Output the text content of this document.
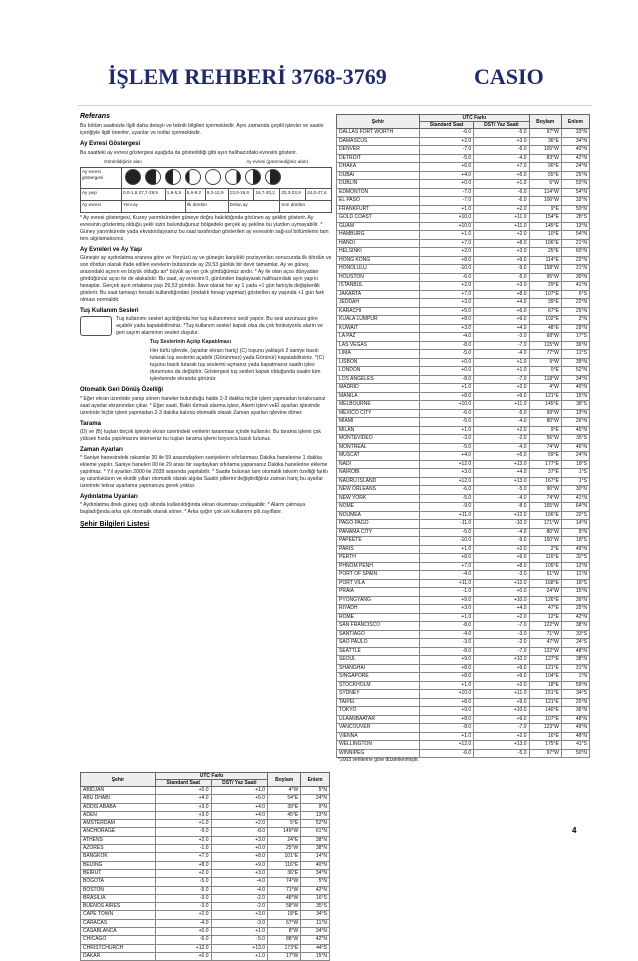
İŞLEM REHBERİ 3768-3769	CASIO
Referans

Bu bölüm saatinizle ilgili daha detaylı ve teknik bilgileri içermektedir. Aynı zamanda çeşitli işlevler ve saatin içeriğiyle ilgili öneriler, uyarılar ve notlar içermektedir.

Ay Evresi Göstergesi

Bu saatteki ay evresi göstergesi aşağıda da gösterildiği gibi ayın halihazırdaki evresini gösterir.

Görebildiğiniz alan	Ay evresi (göremediğiniz alan)
Ay evresi göstergesi								
Ay yaşı	0,0-1,8 27,7-29,5	1,9-5,5	5,6-9,2	9,3-12,9	13,0-16,6	16,7-20,2	20,3-23,9	24,0-27,6
Ay evresi	Yeni ay		İlk dördün		Dolun ay		Son dördün	

* Ay evresi göstergesi, Kuzey yarımküreden güneye doğru bakıldığında görünen ay şeklini gösterir. Ay evresinin gösterimş olduğu şekli sizin bulunduğunuz bölgedeki gerçek ay şekline bu yüzden uymayabilir. * Güney yarımkürede yada ekvatordaysanız bu saat tarafından gösterilen ay evresinin sağ-sol bölümlerini tam ters algılamalısınız.

Ay Evreleri ve Ay Yaşı

Güneşin ay aydınlatma oranına göre ve Yeryüzü ay ve güneşin karşılıklı pozisyonları sonucunda ilk dördün ve son dördün olarak ifade edilen evrelerin bütününde ay 29,53 günlük bir devir tamamlar. Ay ve güneş arasındaki açının en büyük olduğu an* büyük ayı en çok gördüğümüz andır. * Ay ile olan açısı dünyadan gördüğünüz açısı ile de alakalıdır. Bu saat, ay evresini 0, gününden başlayarak halihazırdaki ayın yaşını hesaplar. Gerçek ayın ortalama yaşı 29,53 gündür. İlave olarak her ay 1 yada +1 gün farkıyla değişkenlik gösterir. Bu saat tamsayı hesabı kullandığından (ondalık hesap yapmaz) gösterilen ay yaşında +1 gün fark olması normaldir.

Tuş Kullanım Sesleri

Tuş kullanımı sesleri açıldığında her tuş kullanımınız sesli yapılır. Bu sesi arzunuza göre açabilir yada kapatabilirsiniz. *Tuş kullanım sesleri kapalı olsa da çok fonksiyonlu alarm ve geri sayım alarmının sesleri duyulur.

Tuş Seslerinin Açılıp Kapatılması

Her türlü işlevde, (ayarlar ekranı hariç) (C) tuşunu yaklaşık 2 saniye basılı tutarak tuş seslerini açabilir (Görünmez) yada Görünür) kapatabilirsiniz. *(C) tuşunu basılı tutarak tuş seslerini açmanız yada kapatmanız saatin işlev durumunu da değiştirir. Göstergesi tuş sesleri kapalı olduğunda saatin tüm işlevlerinde ekranda görünür.

Otomatik Geri Dönüş Özelliği

* Eğer ekran üzerinde yanıp sönen haneler bulunduğu halde 2-3 dakika hiçbir işlem yapmadan bırakırsanız saat ayarlar ekranından çıkar. * Eğer saati, Baklı türmalı alarma işlevi, Alarm işlevi veEİ ayarları işlevinde üzerinde hiçbir işlem yapmadan 2-3 dakika kalırsa otomatik olarak Zaman ayarları işlevine döner.

Tarama

(D) ve (B) tuşları birçok işlevde ekran üzerindeki verilerin taranması içinde kullanılır. Bu tarama işlemi çok yüksek hızda yapılmasını isterseniz bu tuşları tarama işlemi boyunca basılı tutunuz.

Zaman Ayarları

* Saniye hanesindeki rakamlar 30 ile 59 arasındayken saniyelerin sıfırlanması Dakika hanelerine 1 dakika ekleme yapılır. Saniye haneleri 00 ile 29 arası bir saydaykan sıfırlama yaparsanız Dakika hanelerine ekleme yapılmaz. * Yıl ayarları 2000 ile 2039 arasında yapılabilir. * Saatte bulunan tam otomatik takvim özelliği farklı ay uzunlukların ve ekstik yılları otomatik olarak algılar.Saatin pillerini değiştirdiğiniz zaman hariç bu ayarlar üzerinde tekrar ayarlama yapmanıza gerek yoktur.

Aydınlatma Uyarıları

* Aydınlatma direk güneş ışığı altında kullanıldığında ekran okunması zorlaşabilir. * Alarm çalmaya başladığında arka ışık otomatik olarak söner. * Arka ışığın çok sık kullanımı pili zayıflatır.

Şehir Bilgileri Listesi
Şehir	UTC Farkı		Boylam	Enlem
	Standard Saat	DST/ Yaz Saati		
ABIDJAN	+0.0	+1.0	4°W	5°N
ABU DHABI	+4.0	+5.0	54°E	24°N
ADDIS ABABA	+3.0	+4.0	39°E	9°N
ADEN	+3.0	+4.0	45°E	13°N
AMSTERDAM	+1.0	+2.0	5°E	52°N
ANCHORAGE	-9.0	-8.0	149°W	61°N
ATHENS	+2.0	+3.0	24°E	38°N
AZORES	-1.0	+0.0	25°W	38°N
BANGKOK	+7.0	+8.0	101°E	14°N
BEIJING	+8.0	+9.0	116°E	40°N
BEIRUT	+2.0	+3.0	36°E	34°N
BOGOTA	-5.0	-4.0	74°W	5°N
BOSTON	-5.0	-4.0	71°W	42°N
BRASILIA	-3.0	-2.0	48°W	16°S
BUENOS AIRES	-3.0	-2.0	58°W	35°S
CAPE TOWN	+2.0	+3.0	18°E	34°S
CARACAS	-4.0	-3.0	67°W	11°N
CASABLANCA	+0.0	+1.0	8°W	34°N
CHICAGO	-6.0	-5.0	88°W	42°N
CHRISTCHURCH	+12.0	+13.0	173°E	44°S
DAKAR	+0.0	+1.0	17°W	15°N
Şehir	UTC Farkı		Boylam	Enlem
	Standard Saat	DST/ Yaz Saati		
DALLAS FORT WORTH	-6.0	-5.0	97°W	33°N
DAMASCUS	+2.0	+3.0	36°E	34°N
DENVER	-7.0	-6.0	105°W	40°N
DETROIT	-5.0	-4.0	83°W	42°N
DHAKA	+6.0	+7.0	90°E	24°N
DUBAI	+4.0	+5.0	55°E	25°N
DUBLIN	+0.0	+1.0	6°W	53°N
EDMONTON	-7.0	-6.0	114°W	54°N
EL PASO	-7.0	-6.0	106°W	32°N
FRANKFURT	+1.0	+2.0	9°E	50°N
GOLD COAST	+10.0	+11.0	154°E	28°S
GUAM	+10.0	+11.0	145°E	13°N
HAMBURG	+1.0	+2.0	10°E	54°N
HANOI	+7.0	+8.0	106°E	21°N
HELSINKI	+2.0	+3.0	25°E	60°N
HONG KONG	+8.0	+9.0	114°E	22°N
HONOLULU	-10.0	-9.0	158°W	21°N
HOUSTON	-6.0	-5.0	95°W	30°N
ISTANBUL	+2.0	+3.0	29°E	41°N
JAKARTA	+7.0	+8.0	107°E	6°S
JEDDAH	+3.0	+4.0	39°E	22°N
KARACHI	+5.0	+6.0	67°E	25°N
KUALA LUMPUR	+8.0	+9.0	102°E	3°N
KUWAIT	+3.0	+4.0	48°E	29°N
LA PAZ	-4.0	-3.0	68°W	17°S
LAS VEGAS	-8.0	-7.0	115°W	36°N
LIMA	-5.0	-4.0	77°W	12°S
LISBON	+0.0	+1.0	9°W	39°N
LONDON	+0.0	+1.0	0°E	52°N
LOS ANGELES	-8.0	-7.0	118°W	34°N
MADRID	+1.0	+2.0	4°W	40°N
MANILA	+8.0	+9.0	121°E	15°N
MELBOURNE	+10.0	+11.0	145°E	38°S
MEXICO CITY	-6.0	-5.0	99°W	19°N
MIAMI	-5.0	-4.0	80°W	26°N
MILAN	+1.0	+2.0	9°E	45°N
MONTEVIDEO	-3.0	-2.0	56°W	35°S
MONTREAL	-5.0	-4.0	74°W	46°N
MUSCAT	+4.0	+5.0	59°E	24°N
NADI	+12.0	+13.0	177°E	18°S
NAIROBI	+3.0	+4.0	37°E	1°S
NAURU ISLAND	+12.0	+13.0	167°E	1°S
NEW ORLEANS	-6.0	-5.0	90°W	30°N
NEW YORK	-5.0	-4.0	74°W	41°N
NOME	-9.0	-8.0	165°W	64°N
NOUMEA	+11.0	+12.0	166°E	22°S
PAGO PAGO	-11.0	-10.0	171°W	14°N
PANAMA CITY	-5.0	-4.0	80°W	9°N
PAPEETE	-10.0	-9.0	150°W	18°S
PARIS	+1.0	+2.0	2°E	49°N
PERTH	+8.0	+9.0	116°E	32°S
PHNOM PENH	+7.0	+8.0	105°E	12°N
PORT OF SPAIN	-4.0	-3.0	61°W	11°N
PORT VILA	+11.0	+12.0	168°E	18°S
PRAIA	-1.0	+0.0	24°W	15°N
PYONGYANG	+9.0	+10.0	126°E	39°N
RIYADH	+3.0	+4.0	47°E	25°N
ROME	+1.0	+2.0	12°E	42°N
SAN FRANCISCO	-8.0	-7.0	122°W	38°N
SANTIAGO	-4.0	-3.0	71°W	33°S
SAO PAULO	-3.0	-2.0	47°W	24°S
SEATTLE	-8.0	-7.0	122°W	48°N
SEOUL	+9.0	+10.0	127°E	38°N
SHANGHAI	+8.0	+9.0	121°E	31°N
SINGAPORE	+8.0	+9.0	104°E	1°N
STOCKHOLM	+1.0	+2.0	18°E	59°N
SYDNEY	+10.0	+11.0	151°E	34°S
TAIPEI	+8.0	+9.0	121°E	25°N
TOKYO	+9.0	+10.0	140°E	36°N
ULAANBAATAR	+8.0	+9.0	107°E	48°N
VANCOUVER	-8.0	-7.0	123°W	49°N
VIENNA	+1.0	+2.0	16°E	48°N
WELLINGTON	+12.0	+13.0	175°E	41°S
WINNIPEG	-6.0	-5.0	97°W	50°N
*2003 verilerine göre düzenlenmiştir.
4
